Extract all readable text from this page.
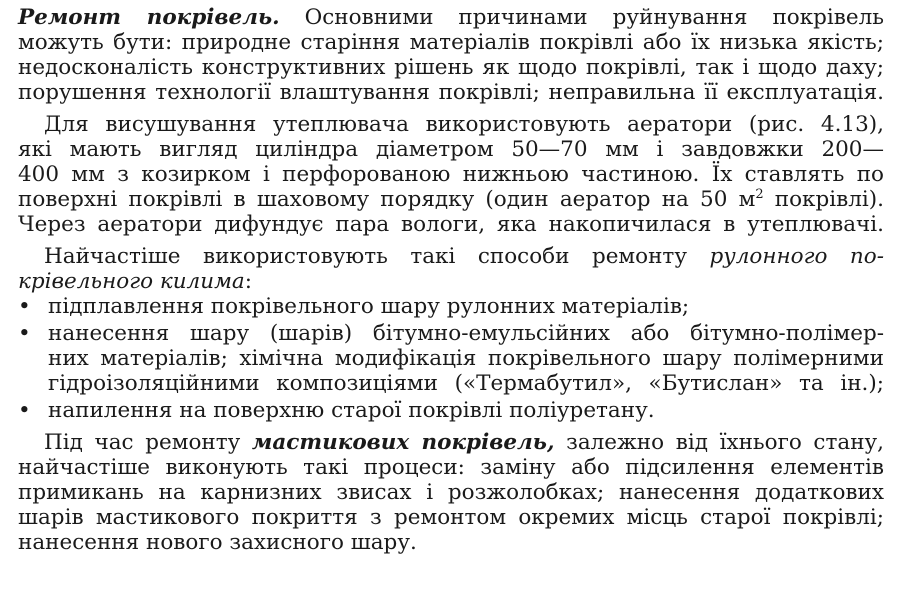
Ремонт покрівель. Основними причинами руйнування покрівель
можуть бути: природне старіння матеріалів покрівлі або їх низька якість;
недосконалість конструктивних рішень як щодо покрівлі, так і щодо даху;
порушення технології влаштування покрівлі; неправильна її експлуатація.
Для висушування утеплювача використовують аератори (рис. 4.13),
які мають вигляд циліндра діаметром 50—70 мм і завдовжки 200—
400 мм з козирком і перфорованою нижньою частиною. Їх ставлять по
поверхні покрівлі в шаховому порядку (один аератор на 50 $м^2$ покрівлі).
Через аератори дифундує пара вологи, яка накопичилася в утеплювачі.
Найчастіше використовують такі способи ремонту рулонного по-
крівельного килима:
• підплавлення покрівельного шару рулонних матеріалів;
• нанесення шару (шарів) бітумно-емульсійних або бітумно-полімер-
них матеріалів; хімічна модифікація покрівельного шару полімерними
гідроізоляційними композиціями («Термабутил», «Бутислан» та ін.);
• напилення на поверхню старої покрівлі поліуретану.
Під час ремонту мастикових покрівель, залежно від їхнього стану,
найчастіше виконують такі процеси: заміну або підсилення елементів
примикань на карнизних звисах і розжолобках; нанесення додаткових
шарів мастикового покриття з ремонтом окремих місць старої покрівлі;
нанесення нового захисного шару.
